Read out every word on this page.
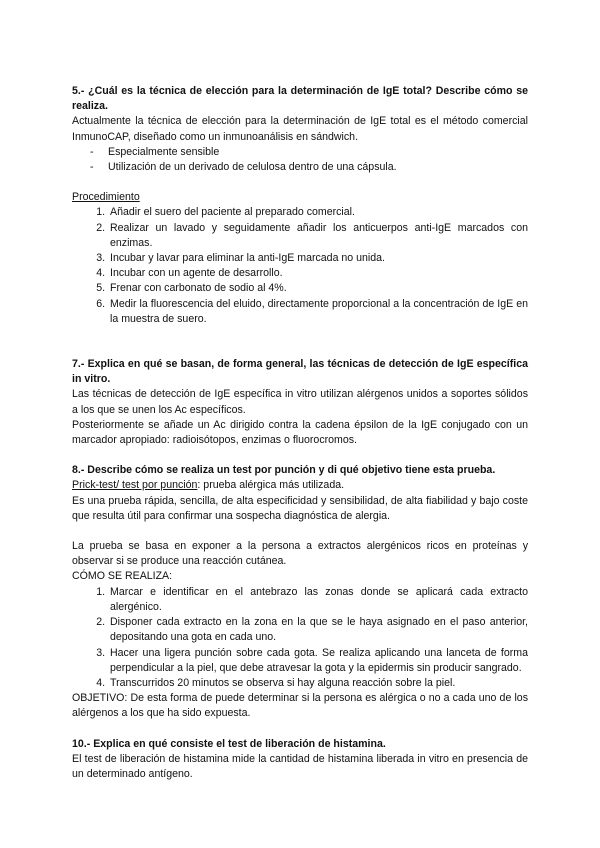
5.- ¿Cuál es la técnica de elección para la determinación de IgE total? Describe cómo se realiza.

Actualmente la técnica de elección para la determinación de IgE total es el método comercial InmunoCAP, diseñado como un inmunoanálisis en sándwich.

- Especialmente sensible
- Utilización de un derivado de celulosa dentro de una cápsula.

Procedimiento

1. Añadir el suero del paciente al preparado comercial.
2. Realizar un lavado y seguidamente añadir los anticuerpos anti-IgE marcados con enzimas.
3. Incubar y lavar para eliminar la anti-IgE marcada no unida.
4. Incubar con un agente de desarrollo.
5. Frenar con carbonato de sodio al 4%.
6. Medir la fluorescencia del eluido, directamente proporcional a la concentración de IgE en la muestra de suero.

7.- Explica en qué se basan, de forma general, las técnicas de detección de IgE específica in vitro.

Las técnicas de detección de IgE específica in vitro utilizan alérgenos unidos a soportes sólidos a los que se unen los Ac específicos.

Posteriormente se añade un Ac dirigido contra la cadena épsilon de la IgE conjugado con un marcador apropiado: radioisótopos, enzimas o fluorocromos.

8.- Describe cómo se realiza un test por punción y di qué objetivo tiene esta prueba.

Prick-test/ test por punción: prueba alérgica más utilizada.

Es una prueba rápida, sencilla, de alta especificidad y sensibilidad, de alta fiabilidad y bajo coste que resulta útil para confirmar una sospecha diagnóstica de alergia.

La prueba se basa en exponer a la persona a extractos alergénicos ricos en proteínas y observar si se produce una reacción cutánea.

CÓMO SE REALIZA:

1. Marcar e identificar en el antebrazo las zonas donde se aplicará cada extracto alergénico.
2. Disponer cada extracto en la zona en la que se le haya asignado en el paso anterior, depositando una gota en cada uno.
3. Hacer una ligera punción sobre cada gota. Se realiza aplicando una lanceta de forma perpendicular a la piel, que debe atravesar la gota y la epidermis sin producir sangrado.
4. Transcurridos 20 minutos se observa si hay alguna reacción sobre la piel.

OBJETIVO: De esta forma de puede determinar si la persona es alérgica o no a cada uno de los alérgenos a los que ha sido expuesta.

10.- Explica en qué consiste el test de liberación de histamina.

El test de liberación de histamina mide la cantidad de histamina liberada in vitro en presencia de un determinado antígeno.
